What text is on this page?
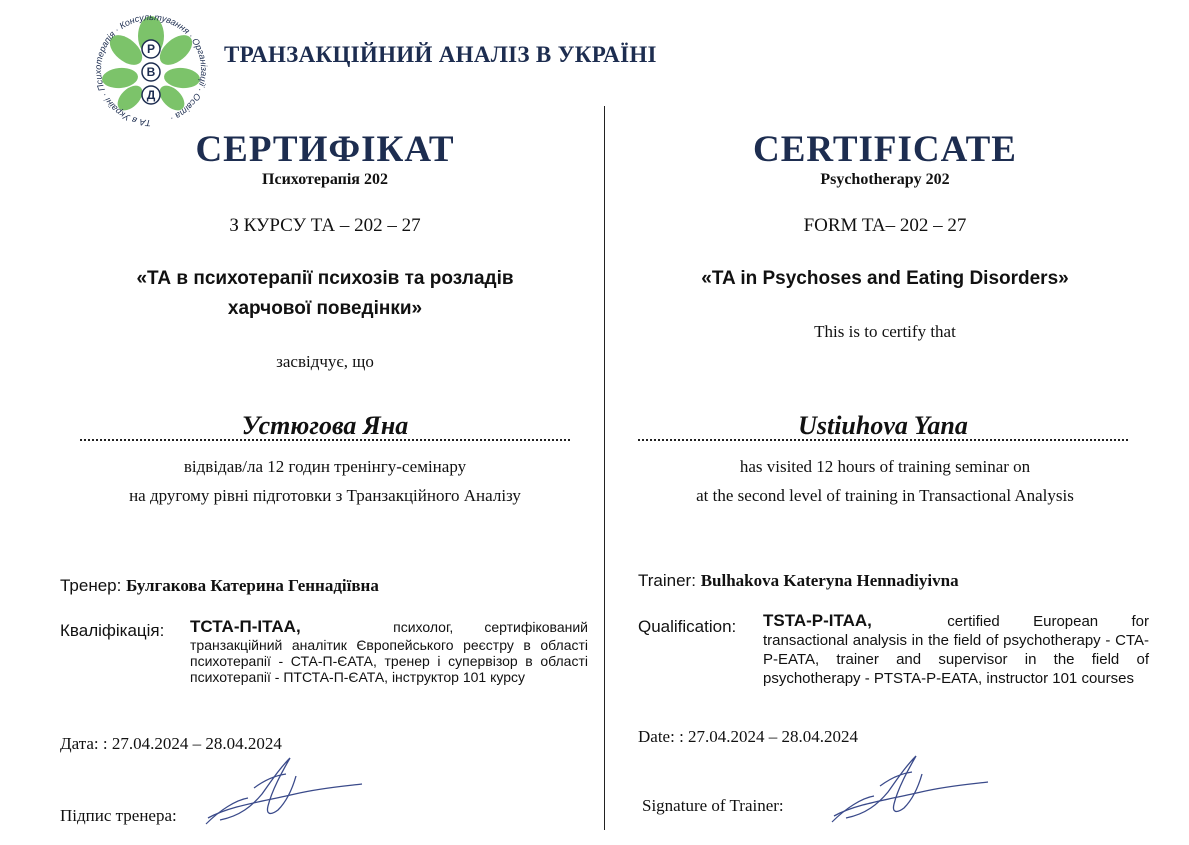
Р
В
Д
ТА в Україні · Психотерапія · Консультування · Організації · Освіта ·
ТРАНЗАКЦІЙНИЙ АНАЛІЗ В УКРАЇНІ
СЕРТИФІКАТ
Психотерапія 202
З КУРСУ ТА – 202 – 27
«ТА в психотерапії психозів та розладів
харчової поведінки»
засвідчує, що
Устюгова Яна
відвідав/ла 12 годин тренінгу-семінару
на другому рівні підготовки з Транзакційного Аналізу
Тренер: Булгакова Катерина Геннадіївна
Кваліфікація: ТСТА-П-ІТАА,	психолог,        сертифікований
транзакційний аналітик Європейського реєстру в області психотерапії - СТА-П-ЄАТА, тренер і супервізор в області психотерапії - ПТСТА-П-ЄАТА, інструктор 101 курсу
Дата: : 27.04.2024 – 28.04.2024
Підпис тренера:
CERTIFICATE
Psychotherapy 202
FORM TA– 202 – 27
«TA in Psychoses and Eating Disorders»
This is to certify that
Ustiuhova Yana
has visited 12 hours of training seminar on
at the second level of training in Transactional Analysis
Trainer: Bulhakova Kateryna Hennadiyivna
Qualification: TSTA-P-ITAA,	certified        European        for
transactional analysis in the field of psychotherapy - CTA-P-EATA, trainer and supervisor in the field of psychotherapy - PTSTA-P-EATA, instructor 101 courses
Date: : 27.04.2024 – 28.04.2024
Signature of Trainer:
